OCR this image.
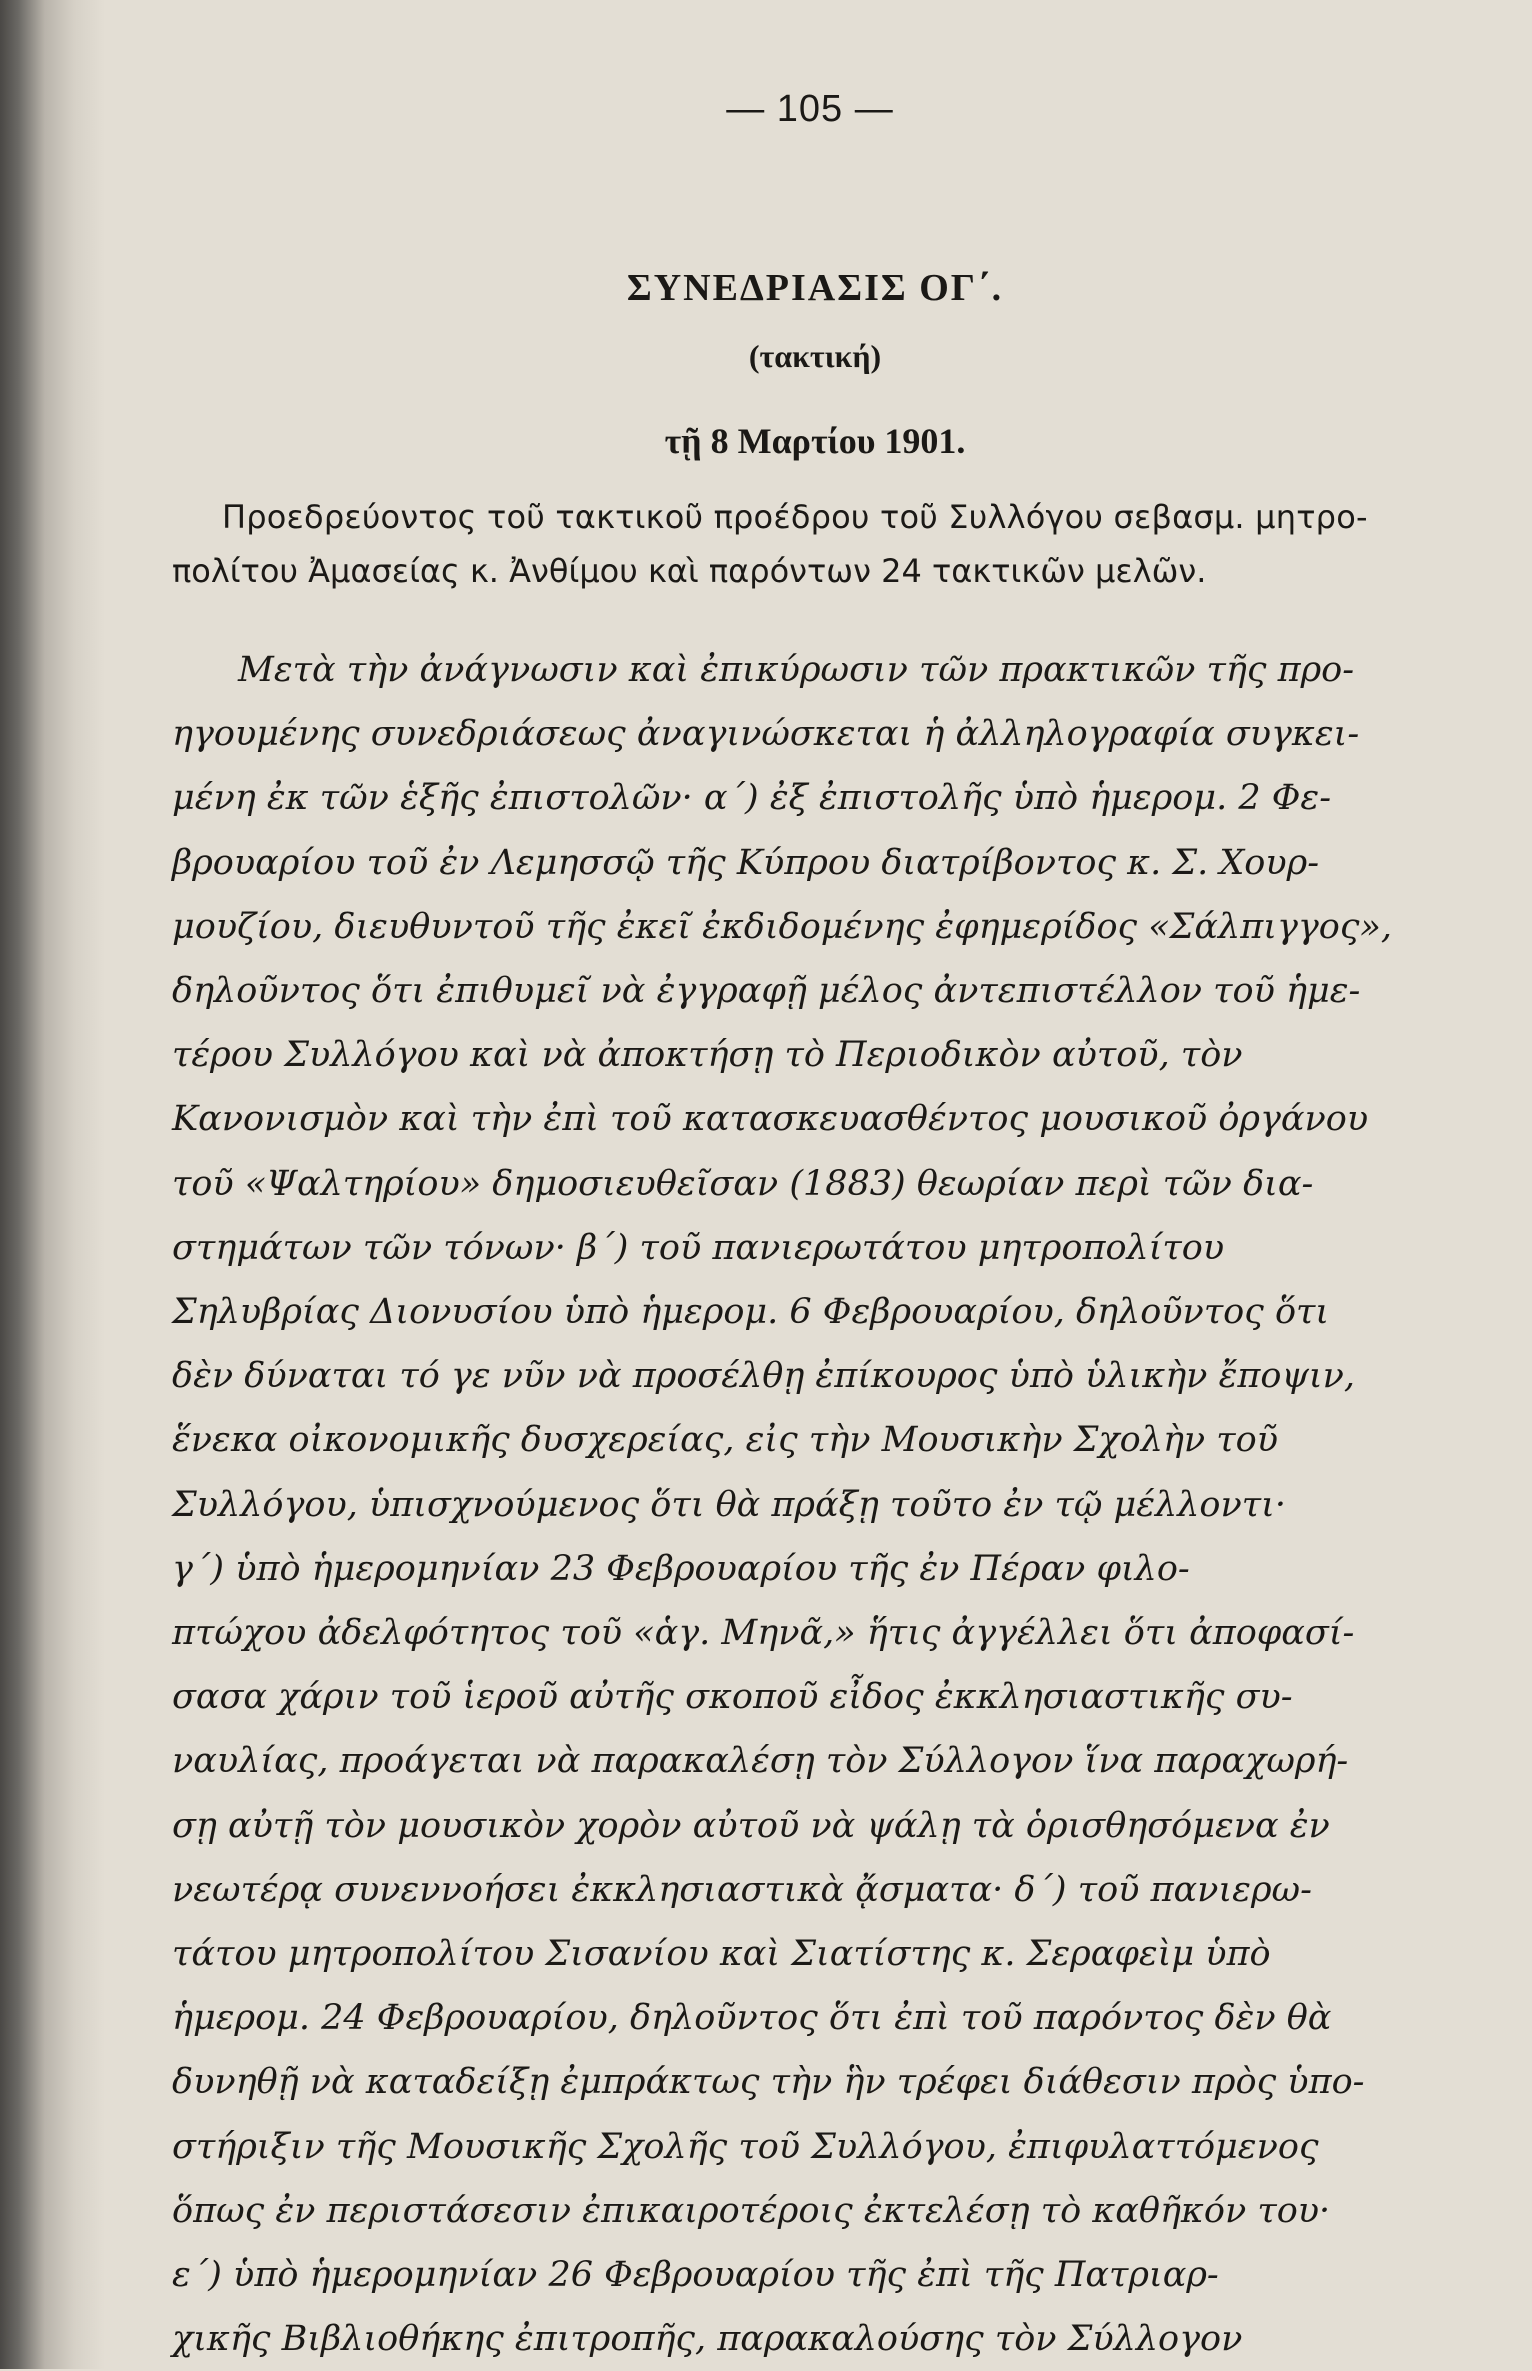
— 105 —
ΣΥΝΕΔΡΙΑΣΙΣ ΟΓ΄.
(τακτική)
τῇ 8 Μαρτίου 1901.
Προεδρεύοντος τοῦ τακτικοῦ προέδρου τοῦ Συλλόγου σεβασμ. μητρο-
πολίτου Ἀμασείας κ. Ἀνθίμου καὶ παρόντων 24 τακτικῶν μελῶν.
Μετὰ τὴν ἀνάγνωσιν καὶ ἐπικύρωσιν τῶν πρακτικῶν τῆς προ-
ηγουμένης συνεδριάσεως ἀναγινώσκεται ἡ ἀλληλογραφία συγκει-
μένη ἐκ τῶν ἑξῆς ἐπιστολῶν· α΄) ἐξ ἐπιστολῆς ὑπὸ ἡμερομ. 2 Φε-
βρουαρίου τοῦ ἐν Λεμησσῷ τῆς Κύπρου διατρίβοντος κ. Σ. Χουρ-
μουζίου, διευθυντοῦ τῆς ἐκεῖ ἐκδιδομένης ἐφημερίδος «Σάλπιγγος»,
δηλοῦντος ὅτι ἐπιθυμεῖ νὰ ἐγγραφῇ μέλος ἀντεπιστέλλον τοῦ ἡμε-
τέρου Συλλόγου καὶ νὰ ἀποκτήσῃ τὸ Περιοδικὸν αὐτοῦ, τὸν
Κανονισμὸν καὶ τὴν ἐπὶ τοῦ κατασκευασθέντος μουσικοῦ ὀργάνου
τοῦ «Ψαλτηρίου» δημοσιευθεῖσαν (1883) θεωρίαν περὶ τῶν δια-
στημάτων τῶν τόνων· β΄) τοῦ πανιερωτάτου μητροπολίτου
Σηλυβρίας Διονυσίου ὑπὸ ἡμερομ. 6 Φεβρουαρίου, δηλοῦντος ὅτι
δὲν δύναται τό γε νῦν νὰ προσέλθῃ ἐπίκουρος ὑπὸ ὑλικὴν ἔποψιν,
ἕνεκα οἰκονομικῆς δυσχερείας, εἰς τὴν Μουσικὴν Σχολὴν τοῦ
Συλλόγου, ὑπισχνούμενος ὅτι θὰ πράξῃ τοῦτο ἐν τῷ μέλλοντι·
γ΄) ὑπὸ ἡμερομηνίαν 23 Φεβρουαρίου τῆς ἐν Πέραν φιλο-
πτώχου ἀδελφότητος τοῦ «ἁγ. Μηνᾶ,» ἥτις ἀγγέλλει ὅτι ἀποφασί-
σασα χάριν τοῦ ἱεροῦ αὐτῆς σκοποῦ εἶδος ἐκκλησιαστικῆς συ-
ναυλίας, προάγεται νὰ παρακαλέσῃ τὸν Σύλλογον ἵνα παραχωρή-
σῃ αὐτῇ τὸν μουσικὸν χορὸν αὐτοῦ νὰ ψάλῃ τὰ ὁρισθησόμενα ἐν
νεωτέρᾳ συνεννοήσει ἐκκλησιαστικὰ ᾄσματα· δ΄) τοῦ πανιερω-
τάτου μητροπολίτου Σισανίου καὶ Σιατίστης κ. Σεραφεὶμ ὑπὸ
ἡμερομ. 24 Φεβρουαρίου, δηλοῦντος ὅτι ἐπὶ τοῦ παρόντος δὲν θὰ
δυνηθῇ νὰ καταδείξῃ ἐμπράκτως τὴν ἣν τρέφει διάθεσιν πρὸς ὑπο-
στήριξιν τῆς Μουσικῆς Σχολῆς τοῦ Συλλόγου, ἐπιφυλαττόμενος
ὅπως ἐν περιστάσεσιν ἐπικαιροτέροις ἐκτελέσῃ τὸ καθῆκόν του·
ε΄) ὑπὸ ἡμερομηνίαν 26 Φεβρουαρίου τῆς ἐπὶ τῆς Πατριαρ-
χικῆς Βιβλιοθήκης ἐπιτροπῆς, παρακαλούσης τὸν Σύλλογον
